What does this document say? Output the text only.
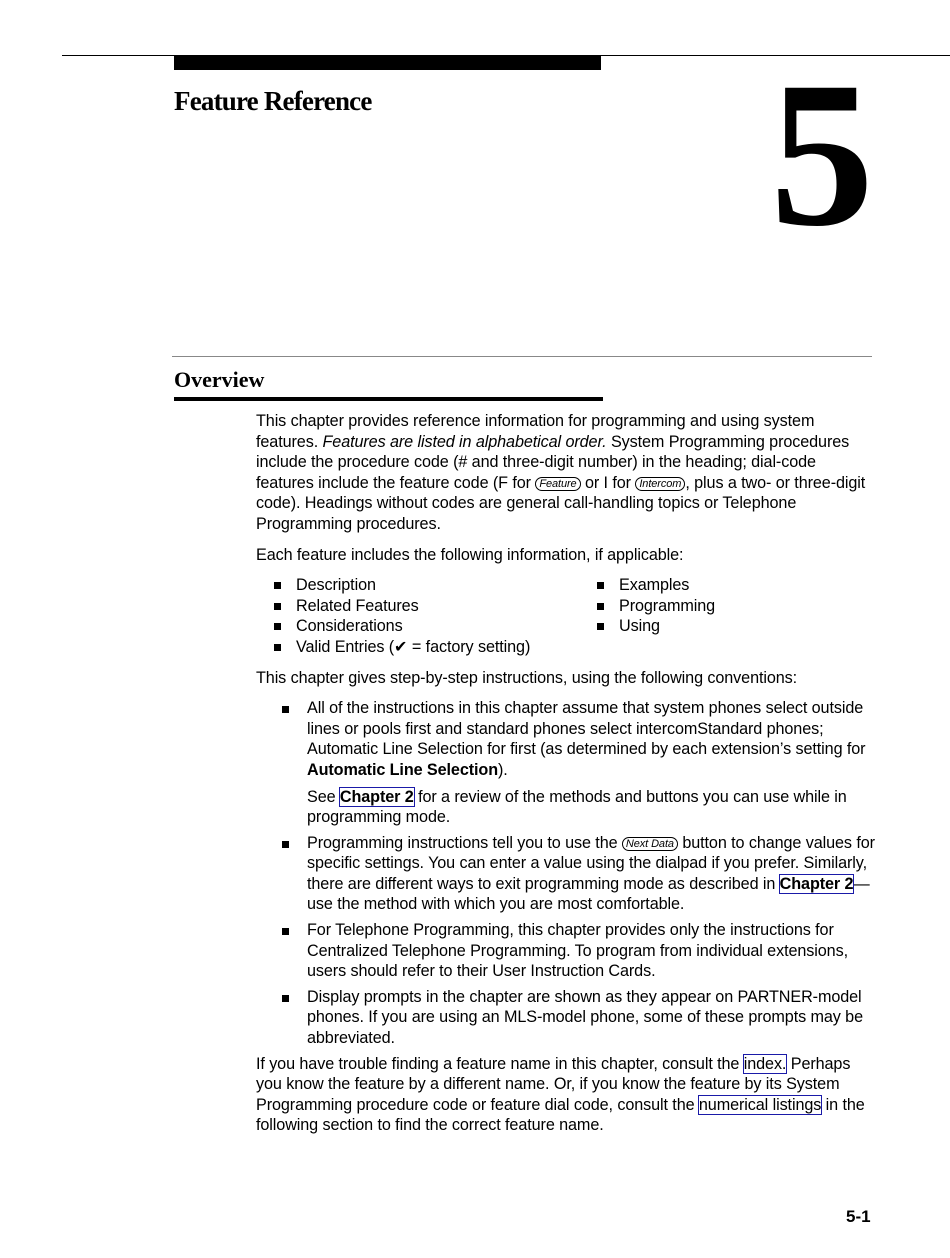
Feature Reference 5
Overview

This chapter provides reference information for programming and using system features. Features are listed in alphabetical order. System Programming procedures include the procedure code (# and three-digit number) in the heading; dial-code features include the feature code (F for Feature or I for Intercom , plus a two- or three-digit code). Headings without codes are general call-handling topics or Telephone Programming procedures.

Each feature includes the following information, if applicable:

Description
Related Features
Considerations
Valid Entries (✔ = factory setting)
Examples
Programming
Using

This chapter gives step-by-step instructions, using the following conventions:

All of the instructions in this chapter assume that system phones select outside lines or pools first and standard phones select intercomStandard phones; Automatic Line Selection for first (as determined by each extension’s setting for Automatic Line Selection).

See Chapter 2 for a review of the methods and buttons you can use while in programming mode.

Programming instructions tell you to use the Next Data button to change values for specific settings. You can enter a value using the dialpad if you prefer. Similarly, there are different ways to exit programming mode as described in Chapter 2—use the method with which you are most comfortable.

For Telephone Programming, this chapter provides only the instructions for Centralized Telephone Programming. To program from individual extensions, users should refer to their User Instruction Cards.

Display prompts in the chapter are shown as they appear on PARTNER-model phones. If you are using an MLS-model phone, some of these prompts may be abbreviated.

If you have trouble finding a feature name in this chapter, consult the index. Perhaps you know the feature by a different name. Or, if you know the feature by its System Programming procedure code or feature dial code, consult the numerical listings in the following section to find the correct feature name.

5-1
